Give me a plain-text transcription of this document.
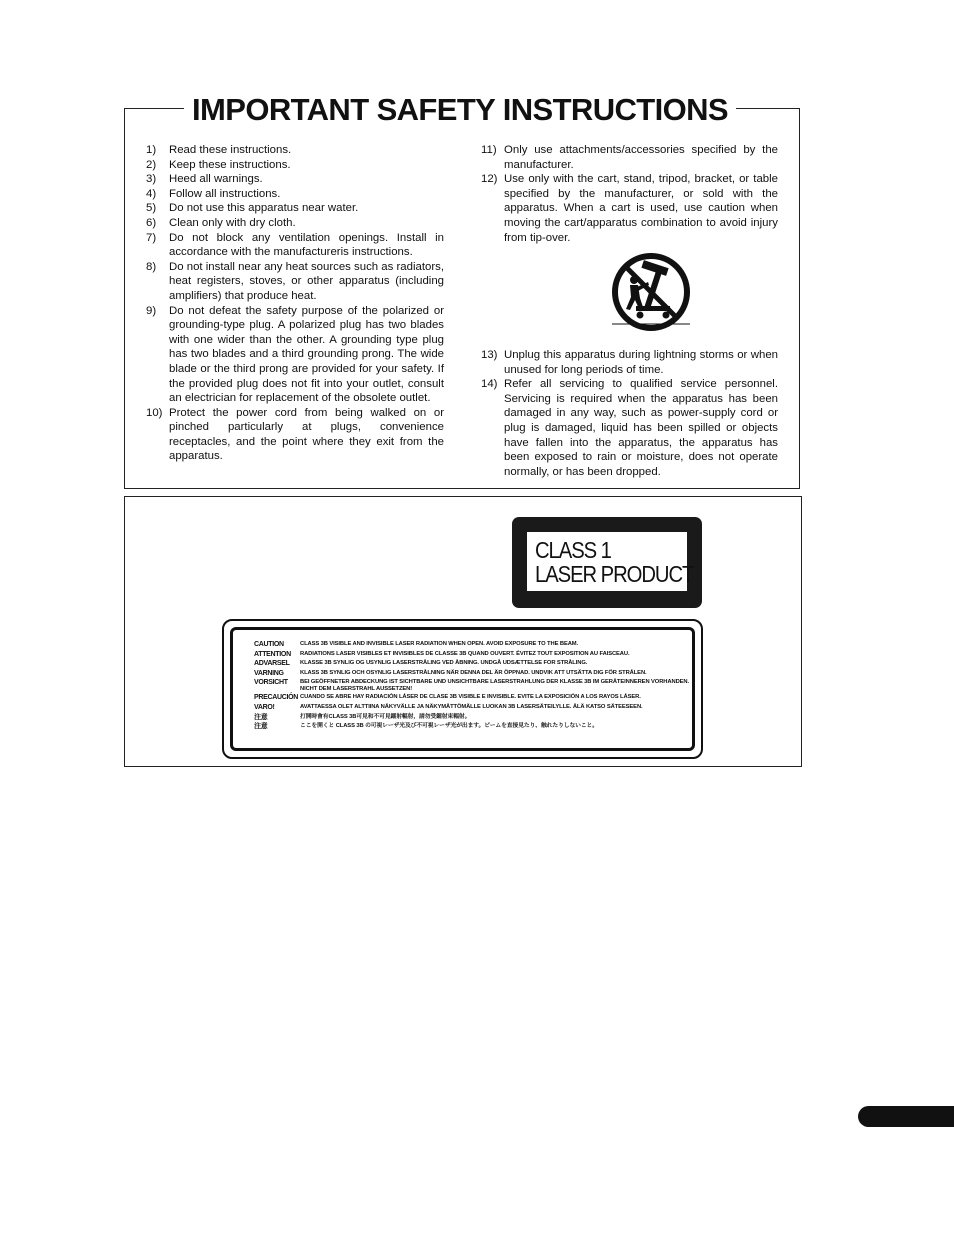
IMPORTANT SAFETY INSTRUCTIONS
1)	Read these instructions.
2)	Keep these instructions.
3)	Heed all warnings.
4)	Follow all instructions.
5)	Do not use this apparatus near water.
6)	Clean only with dry cloth.
7)	Do not block any ventilation openings. Install in accordance with the manufactureris instructions.
8)	Do not install near any heat sources such as radiators, heat registers, stoves, or other apparatus (including amplifiers) that produce heat.
9)	Do not defeat the safety purpose of the polarized or grounding-type plug. A polarized plug has two blades with one wider than the other. A grounding type plug has two blades and a third grounding prong. The wide blade or the third prong are provided for your safety. If the provided plug does not fit into your outlet, consult an electrician for replacement of the obsolete outlet.
10) Protect the power cord from being walked on or pinched particularly at plugs, convenience receptacles, and the point where they exit from the apparatus.
11) Only use attachments/accessories specified by the manufacturer.
12) Use only with the cart, stand, tripod, bracket, or table specified by the manufacturer, or sold with the apparatus. When a cart is used, use caution when moving the cart/apparatus combination to avoid injury from tip-over.
13) Unplug this apparatus during lightning storms or when unused for long periods of time.
14) Refer all servicing to qualified service personnel. Servicing is required when the apparatus has been damaged in any way, such as power-supply cord or plug is damaged, liquid has been spilled or objects have fallen into the apparatus, the apparatus has been exposed to rain or moisture, does not operate normally, or has been dropped.
CLASS 1
LASER PRODUCT
CAUTION	CLASS 3B VISIBLE AND INVISIBLE LASER RADIATION WHEN OPEN. AVOID EXPOSURE TO THE BEAM.
ATTENTION	RADIATIONS LASER VISIBLES ET INVISIBLES DE CLASSE 3B QUAND OUVERT. ÉVITEZ TOUT EXPOSITION AU FAISCEAU.
ADVARSEL	KLASSE 3B SYNLIG OG USYNLIG LASERSTRÅLING VED ÅBNING. UNDGÅ UDSÆTTELSE FOR STRÅLING.
VARNING	KLASS 3B SYNLIG OCH OSYNLIG LASERSTRÅLNING NÄR DENNA DEL ÄR ÖPPNAD. UNDVIK ATT UTSÄTTA DIG FÖR STRÅLEN.
VORSICHT	BEI GEÖFFNETER ABDECKUNG IST SICHTBARE UND UNSICHTBARE LASERSTRAHLUNG DER KLASSE 3B IM GERÄTEINNEREN VORHANDEN.
NICHT DEM LASERSTRAHL AUSSETZEN!
PRECAUCIÓN CUANDO SE ABRE HAY RADIACIÓN LÁSER DE CLASE 3B VISIBLE E INVISIBLE. EVITE LA EXPOSICIÓN A LOS RAYOS LÁSER.
VARO!	AVATTAESSA OLET ALTTIINA NÄKYVÄLLE JA NÄKYMÄTTÖMÄLLE LUOKAN 3B LASERSÄTEILYLLE. ÄLÄ KATSO SÄTEESEEN.
注意	打開時會有CLASS 3B可見和不可見鐳射輻射，請勿受鐳射束輻射。
注意	ここを開くと CLASS 3B の可視レーザ光及び不可視レーザ光が出ます。ビームを直接見たり、触れたりしないこと。
